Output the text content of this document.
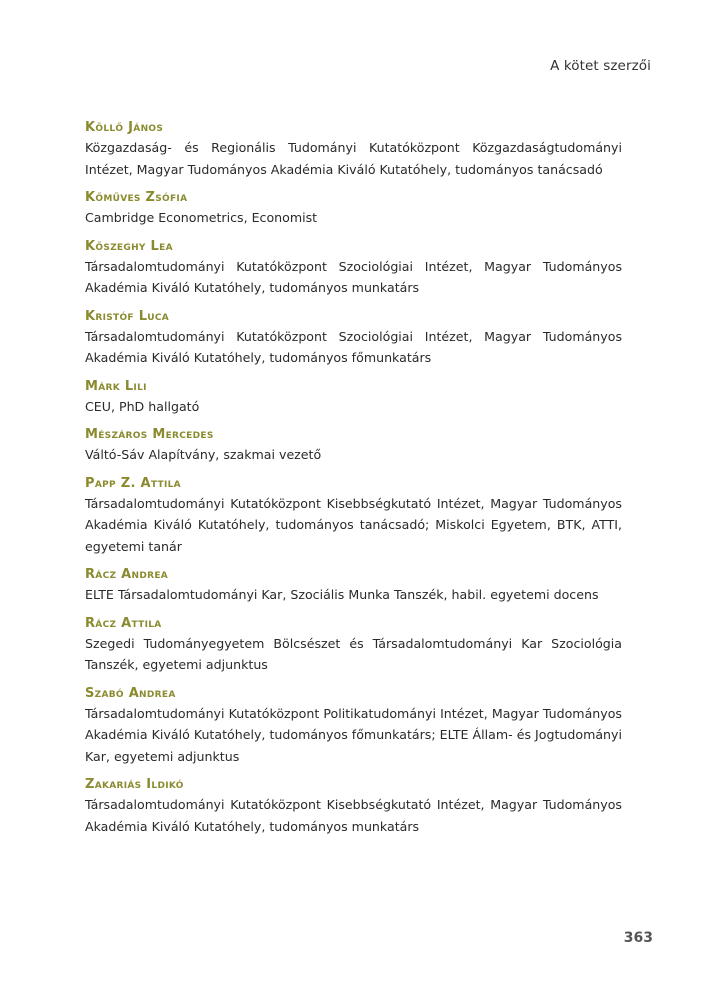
A kötet szerzői
Köllő János
Közgazdaság- és Regionális Tudományi Kutatóközpont Közgazdaságtudományi Intézet, Magyar Tudományos Akadémia Kiváló Kutatóhely, tudományos tanácsadó
Kőműves Zsófia
Cambridge Econometrics, Economist
Kőszeghy Lea
Társadalomtudományi Kutatóközpont Szociológiai Intézet, Magyar Tudományos Akadémia Kiváló Kutatóhely, tudományos munkatárs
Kristóf Luca
Társadalomtudományi Kutatóközpont Szociológiai Intézet, Magyar Tudományos Akadémia Kiváló Kutatóhely, tudományos főmunkatárs
Márk Lili
CEU, PhD hallgató
Mészáros Mercedes
Váltó-Sáv Alapítvány, szakmai vezető
Papp Z. Attila
Társadalomtudományi Kutatóközpont Kisebbségkutató Intézet, Magyar Tudományos Akadémia Kiváló Kutatóhely, tudományos tanácsadó; Miskolci Egyetem, BTK, ATTI, egyetemi tanár
Rácz Andrea
ELTE Társadalomtudományi Kar, Szociális Munka Tanszék, habil. egyetemi docens
Rácz Attila
Szegedi Tudományegyetem Bölcsészet és Társadalomtudományi Kar Szociológia Tanszék, egyetemi adjunktus
Szabó Andrea
Társadalomtudományi Kutatóközpont Politikatudományi Intézet, Magyar Tudományos Akadémia Kiváló Kutatóhely, tudományos főmunkatárs; ELTE Állam- és Jogtudományi Kar, egyetemi adjunktus
Zakariás Ildikó
Társadalomtudományi Kutatóközpont Kisebbségkutató Intézet, Magyar Tudományos Akadémia Kiváló Kutatóhely, tudományos munkatárs
363
